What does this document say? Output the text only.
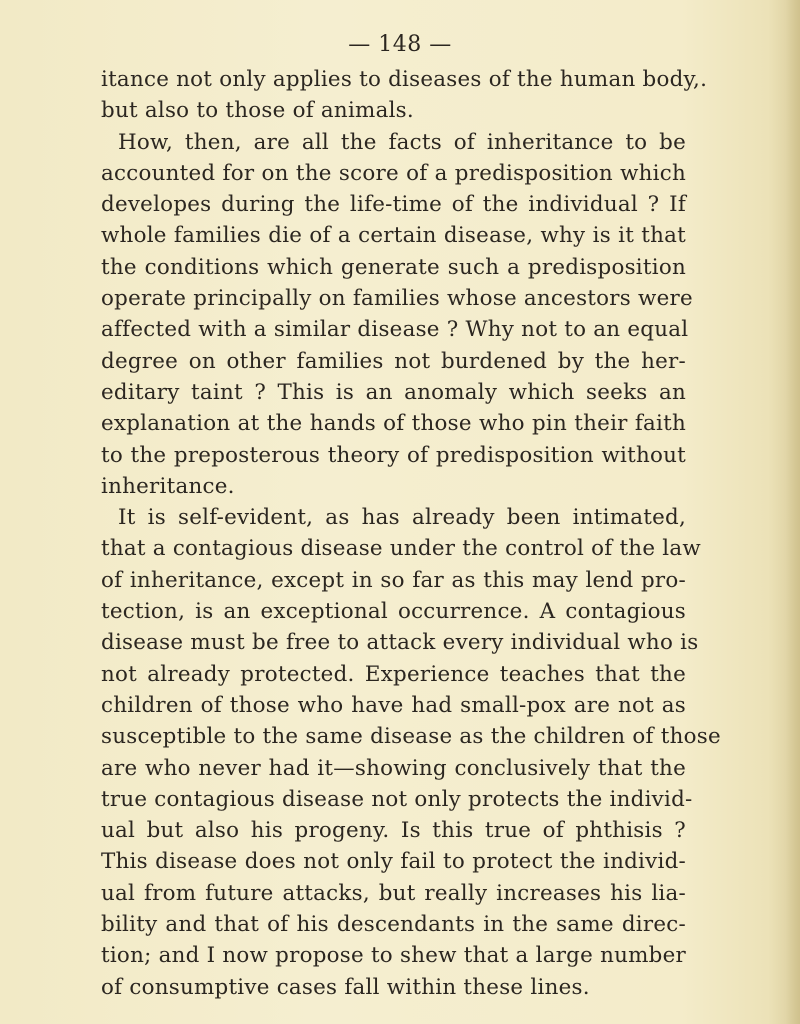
— 148 —
itance not only applies to diseases of the human body,.
but also to those of animals.
How, then, are all the facts of inheritance to be
accounted for on the score of a predisposition which
developes during the life-time of the individual ? If
whole families die of a certain disease, why is it that
the conditions which generate such a predisposition
operate principally on families whose ancestors were
affected with a similar disease ? Why not to an equal
degree on other families not burdened by the her-
editary taint ? This is an anomaly which seeks an
explanation at the hands of those who pin their faith
to the preposterous theory of predisposition without
inheritance.
It is self-evident, as has already been intimated,
that a contagious disease under the control of the law
of inheritance, except in so far as this may lend pro-
tection, is an exceptional occurrence. A contagious
disease must be free to attack every individual who is
not already protected. Experience teaches that the
children of those who have had small-pox are not as
susceptible to the same disease as the children of those
are who never had it—showing conclusively that the
true contagious disease not only protects the individ-
ual but also his progeny. Is this true of phthisis ?
This disease does not only fail to protect the individ-
ual from future attacks, but really increases his lia-
bility and that of his descendants in the same direc-
tion; and I now propose to shew that a large number
of consumptive cases fall within these lines.
